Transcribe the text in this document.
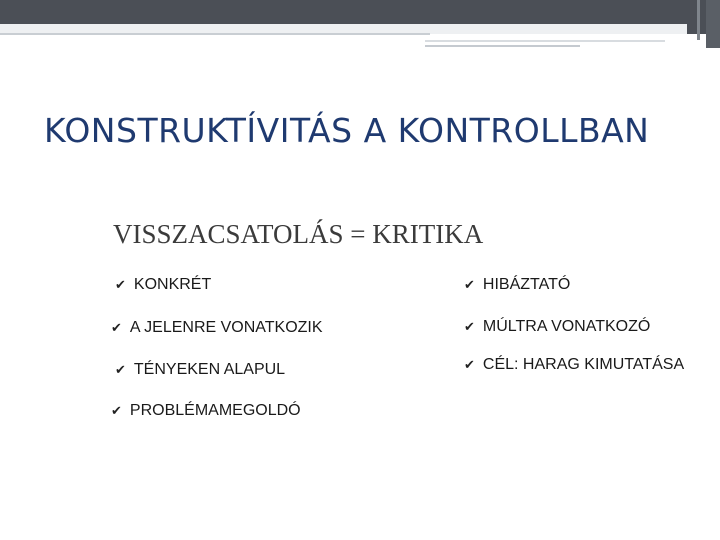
KONSTRUKTÍVITÁS A KONTROLLBAN
VISSZACSATOLÁS = KRITIKA
✔ KONKRÉT
✔ A JELENRE VONATKOZIK
✔ TÉNYEKEN ALAPUL
✔ PROBLÉMAMEGOLDÓ
✔ HIBÁZTATÓ
✔ MÚLTRA VONATKOZÓ
✔ CÉL: HARAG KIMUTATÁSA
